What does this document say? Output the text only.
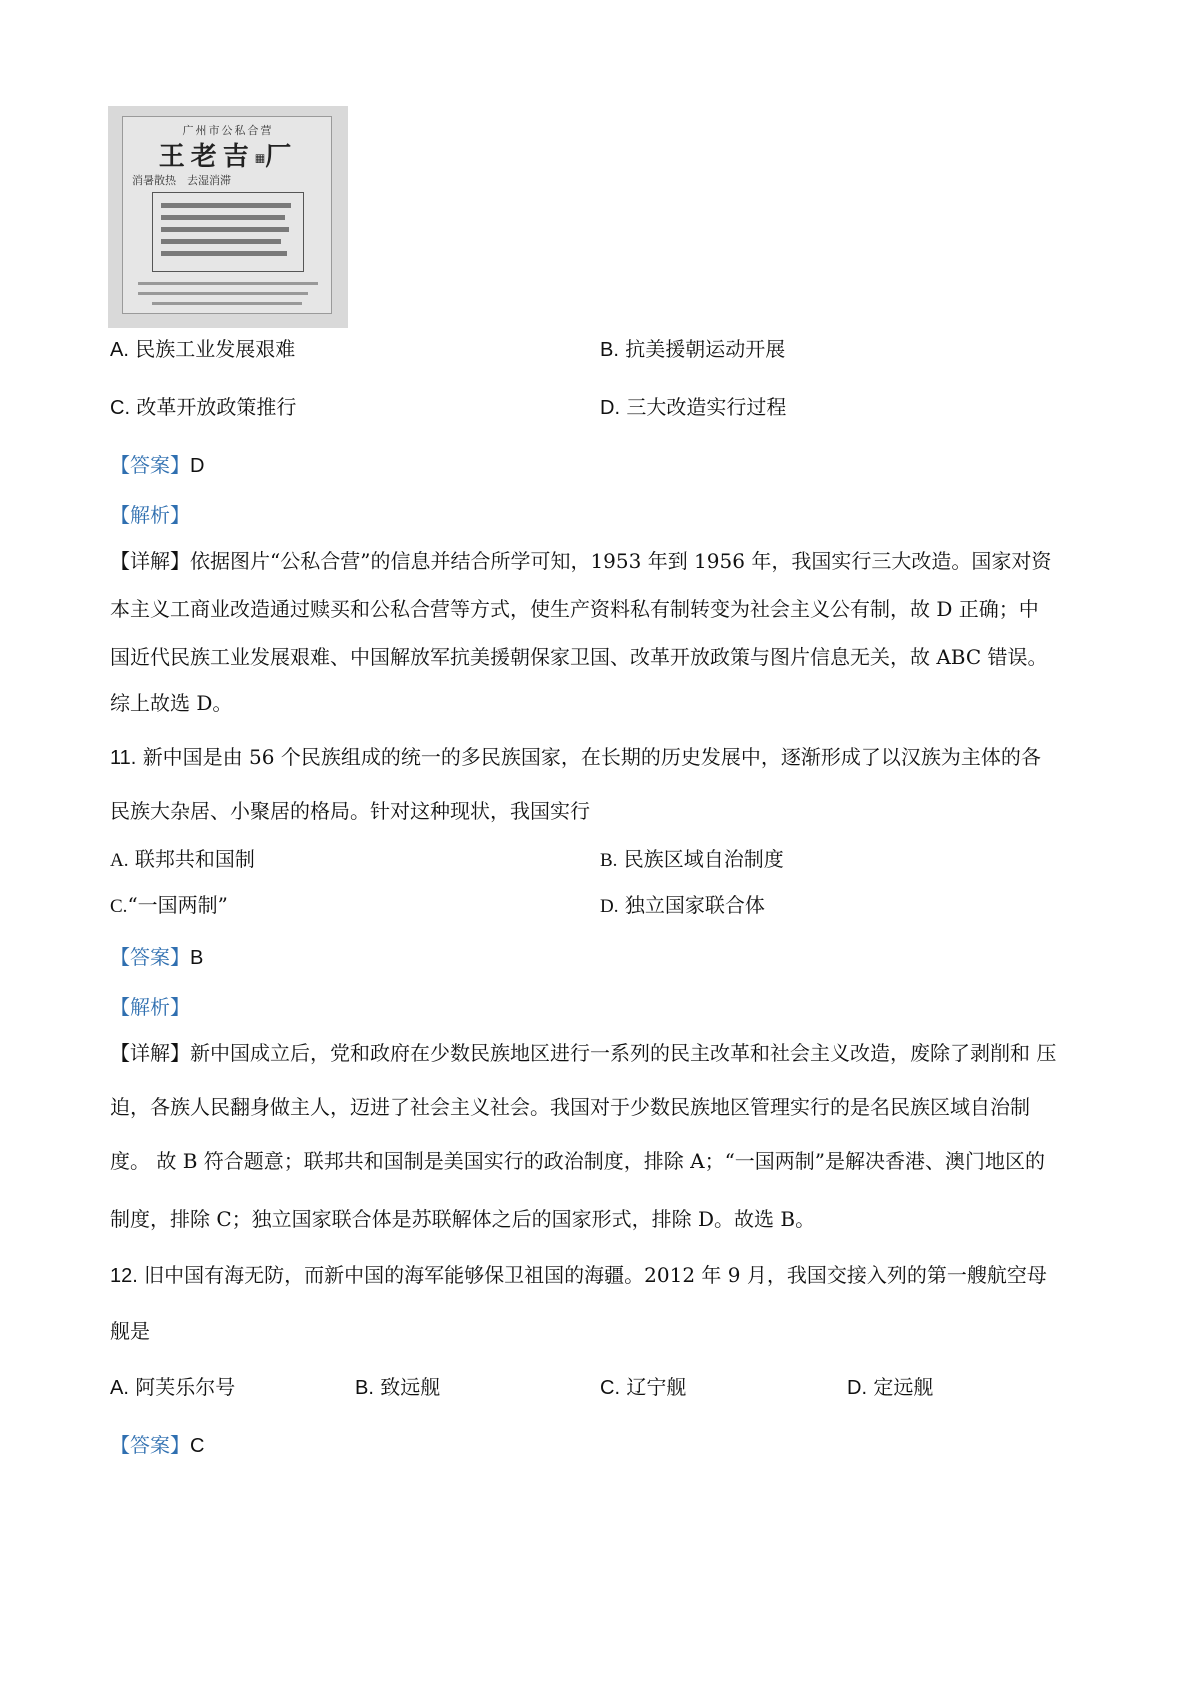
广州市公私合营
王老吉▦厂
消暑散热　去湿消滞
A. 民族工业发展艰难	B. 抗美援朝运动开展
C. 改革开放政策推行	D. 三大改造实行过程
【答案】D
【解析】
【详解】依据图片“公私合营”的信息并结合所学可知，1953 年到 1956 年，我国实行三大改造。国家对资
本主义工商业改造通过赎买和公私合营等方式，使生产资料私有制转变为社会主义公有制，故 D 正确；中
国近代民族工业发展艰难、中国解放军抗美援朝保家卫国、改革开放政策与图片信息无关，故 ABC 错误。
综上故选 D。
11. 新中国是由 56 个民族组成的统一的多民族国家，在长期的历史发展中，逐渐形成了以汉族为主体的各
民族大杂居、小聚居的格局。针对这种现状，我国实行
A. 联邦共和国制	B. 民族区域自治制度
C.“一国两制”	D. 独立国家联合体
【答案】B
【解析】
【详解】新中国成立后，党和政府在少数民族地区进行一系列的民主改革和社会主义改造，废除了剥削和 压
迫，各族人民翻身做主人，迈进了社会主义社会。我国对于少数民族地区管理实行的是名民族区域自治制
度。 故 B 符合题意；联邦共和国制是美国实行的政治制度，排除 A；“一国两制”是解决香港、澳门地区的
制度，排除 C；独立国家联合体是苏联解体之后的国家形式，排除 D。故选 B。
12. 旧中国有海无防，而新中国的海军能够保卫祖国的海疆。2012 年 9 月，我国交接入列的第一艘航空母
舰是
A. 阿芙乐尔号	B. 致远舰	C. 辽宁舰	D. 定远舰
【答案】C
